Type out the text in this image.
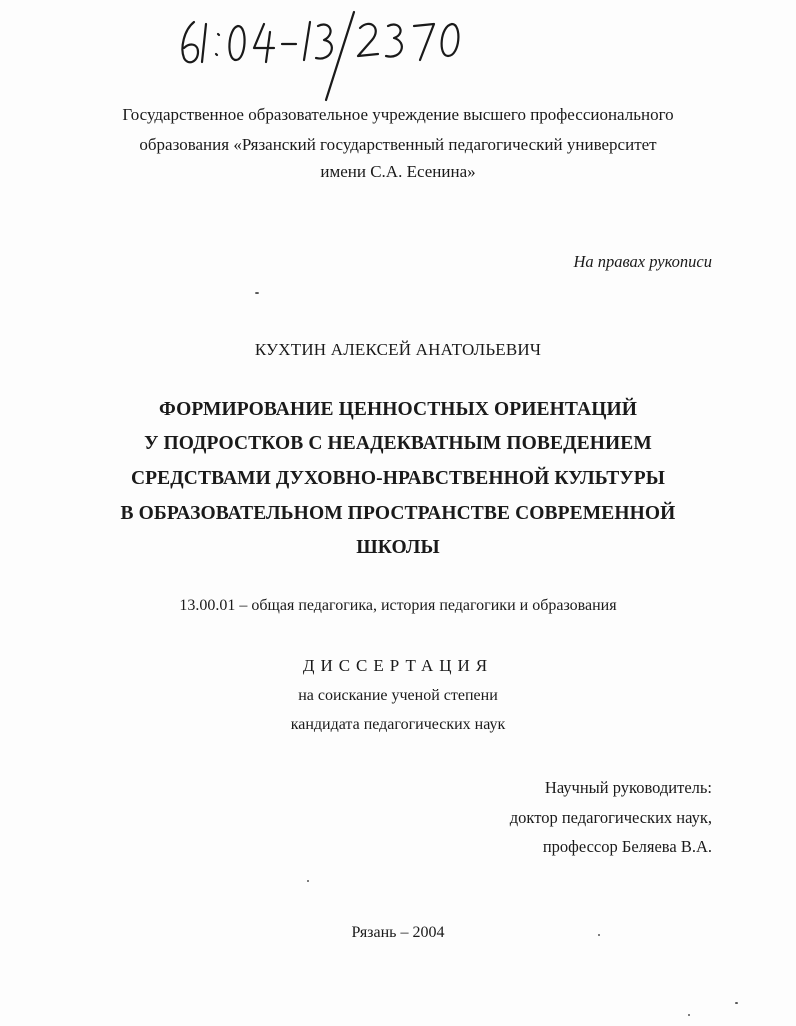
61: 04-13/2370
Государственное образовательное учреждение высшего профессионального
образования «Рязанский государственный педагогический университет
имени С.А. Есенина»
На правах рукописи
КУХТИН АЛЕКСЕЙ АНАТОЛЬЕВИЧ
ФОРМИРОВАНИЕ ЦЕННОСТНЫХ ОРИЕНТАЦИЙ
У ПОДРОСТКОВ С НЕАДЕКВАТНЫМ ПОВЕДЕНИЕМ
СРЕДСТВАМИ ДУХОВНО-НРАВСТВЕННОЙ КУЛЬТУРЫ
В ОБРАЗОВАТЕЛЬНОМ ПРОСТРАНСТВЕ СОВРЕМЕННОЙ
ШКОЛЫ
13.00.01 – общая педагогика, история педагогики и образования
ДИССЕРТАЦИЯ
на соискание ученой степени
кандидата педагогических наук
Научный руководитель:
доктор педагогических наук,
профессор Беляева В.А.
Рязань – 2004
